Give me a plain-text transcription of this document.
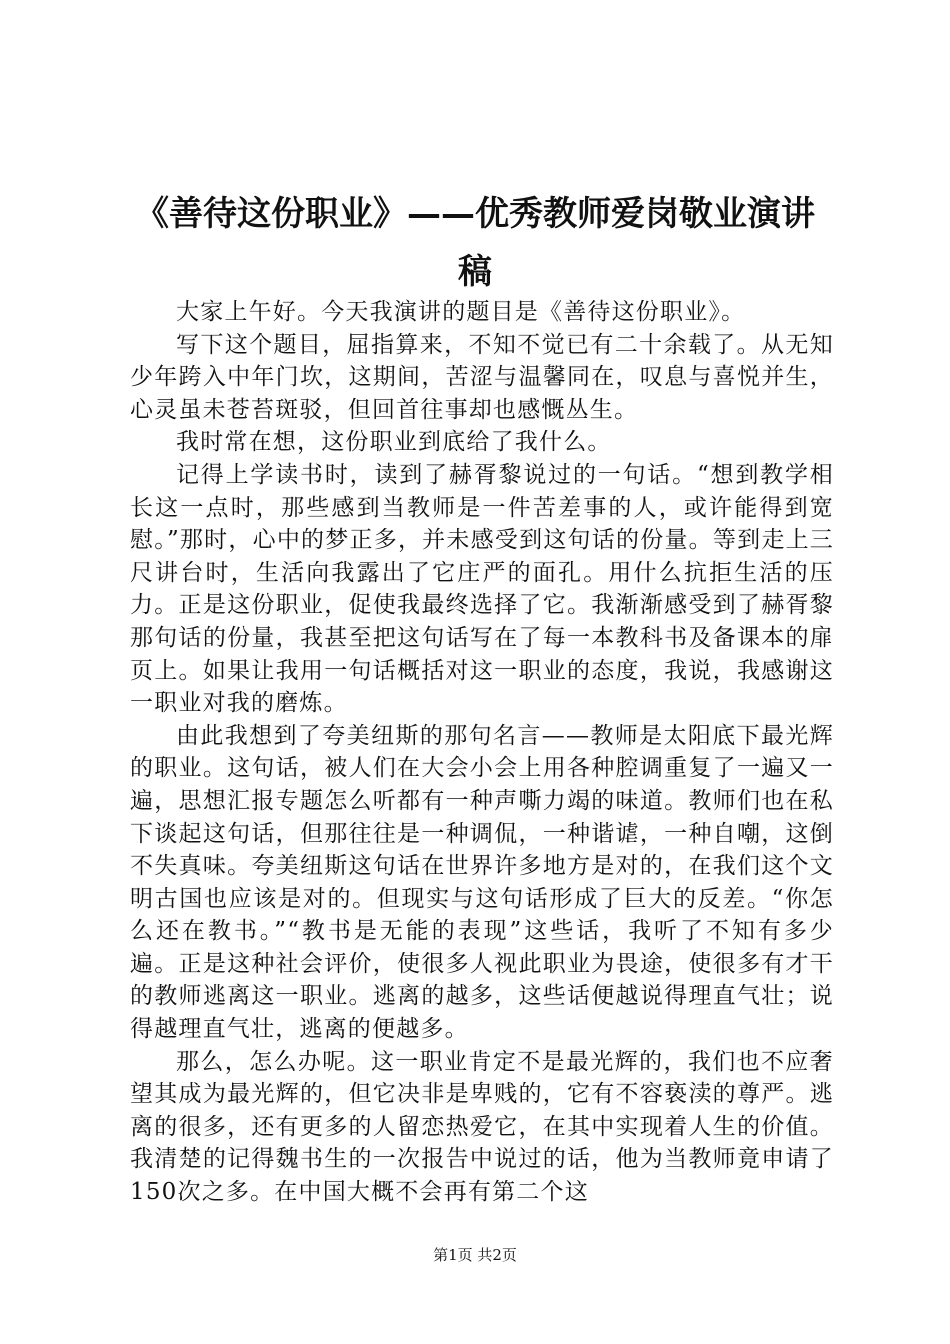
《善待这份职业》——优秀教师爱岗敬业演讲稿

大家上午好。今天我演讲的题目是《善待这份职业》。

写下这个题目，屈指算来，不知不觉已有二十余载了。从无知少年跨入中年门坎，这期间，苦涩与温馨同在，叹息与喜悦并生，心灵虽未苍苔斑驳，但回首往事却也感慨丛生。

我时常在想，这份职业到底给了我什么。

记得上学读书时，读到了赫胥黎说过的一句话。“想到教学相长这一点时，那些感到当教师是一件苦差事的人，或许能得到宽慰。”那时，心中的梦正多，并未感受到这句话的份量。等到走上三尺讲台时，生活向我露出了它庄严的面孔。用什么抗拒生活的压力。正是这份职业，促使我最终选择了它。我渐渐感受到了赫胥黎那句话的份量，我甚至把这句话写在了每一本教科书及备课本的扉页上。如果让我用一句话概括对这一职业的态度，我说，我感谢这一职业对我的磨炼。

由此我想到了夸美纽斯的那句名言——教师是太阳底下最光辉的职业。这句话，被人们在大会小会上用各种腔调重复了一遍又一遍，思想汇报专题怎么听都有一种声嘶力竭的味道。教师们也在私下谈起这句话，但那往往是一种调侃，一种谐谑，一种自嘲，这倒不失真味。夸美纽斯这句话在世界许多地方是对的，在我们这个文明古国也应该是对的。但现实与这句话形成了巨大的反差。“你怎么还在教书。”“教书是无能的表现”这些话，我听了不知有多少遍。正是这种社会评价，使很多人视此职业为畏途，使很多有才干的教师逃离这一职业。逃离的越多，这些话便越说得理直气壮；说得越理直气壮，逃离的便越多。

那么，怎么办呢。这一职业肯定不是最光辉的，我们也不应奢望其成为最光辉的，但它决非是卑贱的，它有不容亵渎的尊严。逃离的很多，还有更多的人留恋热爱它，在其中实现着人生的价值。我清楚的记得魏书生的一次报告中说过的话，他为当教师竟申请了150次之多。在中国大概不会再有第二个这

第1页 共2页
